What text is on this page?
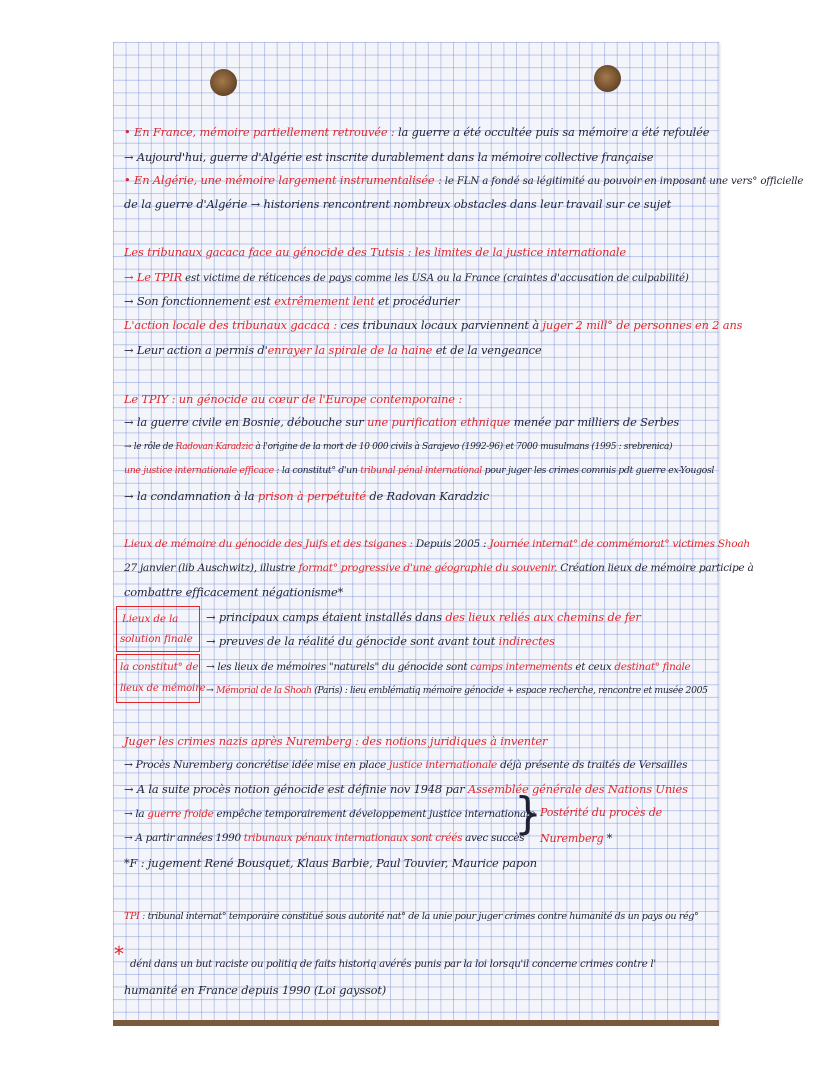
• En France, mémoire partiellement retrouvée : la guerre a été occultée puis sa mémoire a été refoulée
→ Aujourd'hui, guerre d'Algérie est inscrite durablement dans la mémoire collective française
• En Algérie, une mémoire largement instrumentalisée : le FLN a fondé sa légitimité au pouvoir en imposant une vers° officielle
de la guerre d'Algérie → historiens rencontrent nombreux obstacles dans leur travail sur ce sujet
Les tribunaux gacaca face au génocide des Tutsis : les limites de la justice internationale
→ Le TPIR est victime de réticences de pays comme les USA ou la France (craintes d'accusation de culpabilité)
→ Son fonctionnement est extrêmement lent et procédurier
L'action locale des tribunaux gacaca : ces tribunaux locaux parviennent à juger 2 mill° de personnes en 2 ans
→ Leur action a permis d'enrayer la spirale de la haine et de la vengeance
Le TPIY : un génocide au cœur de l'Europe contemporaine :
→ la guerre civile en Bosnie, débouche sur une purification ethnique menée par milliers de Serbes
→ le rôle de Radovan Karadzic à l'origine de la mort de 10 000 civils à Sarajevo (1992-96) et 7000 musulmans (1995 : srebrenica)
une justice internationale efficace : la constitut° d'un tribunal pénal international pour juger les crimes commis pdt guerre ex-Yougosl
→ la condamnation à la prison à perpétuité de Radovan Karadzic
Lieux de mémoire du génocide des Juifs et des tsiganes : Depuis 2005 : Journée internat° de commémorat° victimes Shoah
27 janvier (lib Auschwitz), illustre format° progressive d'une géographie du souvenir. Création lieux de mémoire participe à
combattre efficacement négationisme*
Lieux de la
solution finale
la constitut° de
lieux de mémoire
→ principaux camps étaient installés dans des lieux reliés aux chemins de fer
→ preuves de la réalité du génocide sont avant tout indirectes
→ les lieux de mémoires "naturels" du génocide sont camps internements et ceux destinat° finale
→ Mémorial de la Shoah (Paris) : lieu emblématiq mémoire génocide + espace recherche, rencontre et musée 2005
Juger les crimes nazis après Nuremberg : des notions juridiques à inventer
→ Procès Nuremberg concrétise idée mise en place justice internationale déjà présente ds traités de Versailles
→ A la suite procès notion génocide est définie nov 1948 par Assemblée générale des Nations Unies
→ la guerre froide empêche temporairement développement justice internationale
→ A partir années 1990 tribunaux pénaux internationaux sont créés avec succès
}
Postérité du procès de
Nuremberg *
*F : jugement René Bousquet, Klaus Barbie, Paul Touvier, Maurice papon
TPI : tribunal internat° temporaire constitué sous autorité nat° de la unie pour juger crimes contre humanité ds un pays ou rég°
* déni dans un but raciste ou politiq de faits historiq avérés punis par la loi lorsqu'il concerne crimes contre l'
humanité en France depuis 1990 (Loi gayssot)
